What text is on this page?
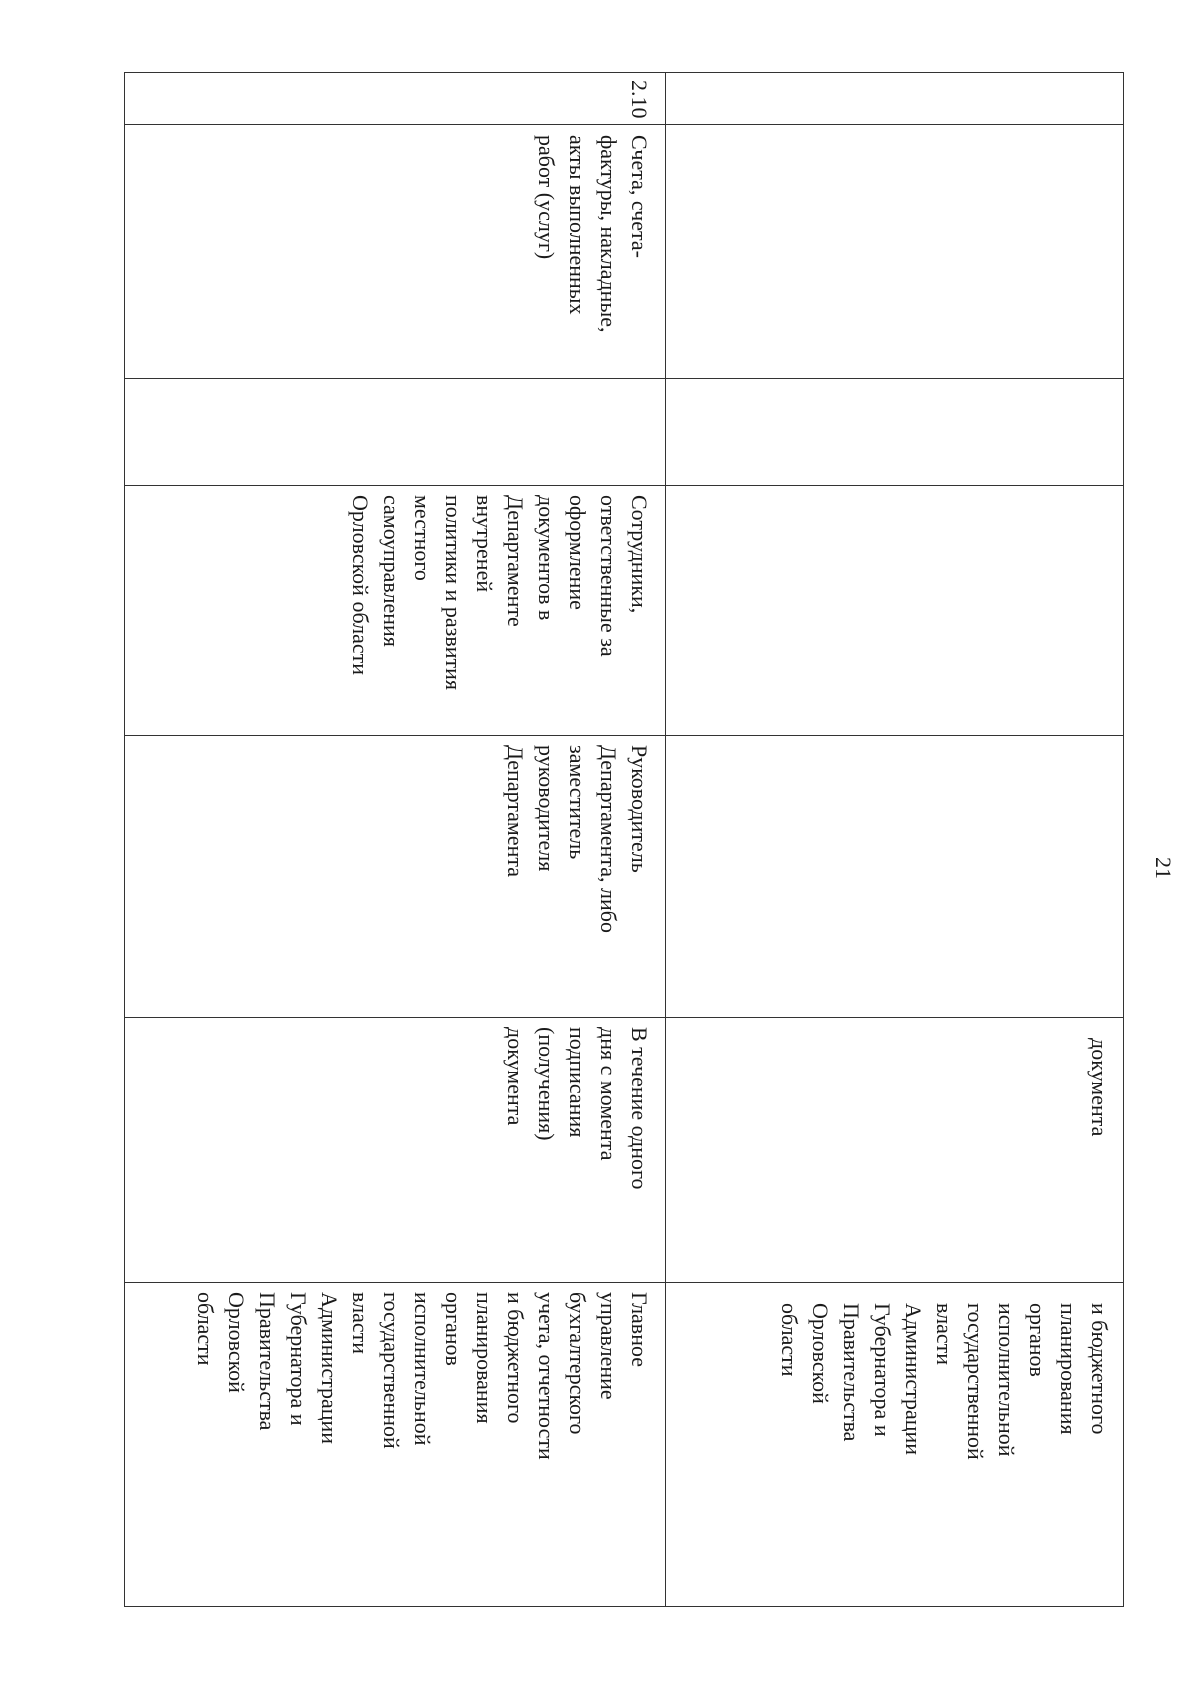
21
документа
и бюджетного
планирования
органов
исполнительной
государственной
власти
Администрации
Губернатора и
Правительства
Орловской
области
2.10
Счета, счета-
фактуры, накладные,
акты выполненных
работ (услуг)
Сотрудники,
ответственные за
оформление
документов в
Департаменте
внутреней
политики и развития
местного
самоуправления
Орловской области
Руководитель
Департамента, либо
заместитель
руководителя
Департамента
В течение одного
дня с момента
подписания
(получения)
документа
Главное
управление
бухгалтерского
учета, отчетности
и бюджетного
планирования
органов
исполнительной
государственной
власти
Администрации
Губернатора и
Правительства
Орловской
области
